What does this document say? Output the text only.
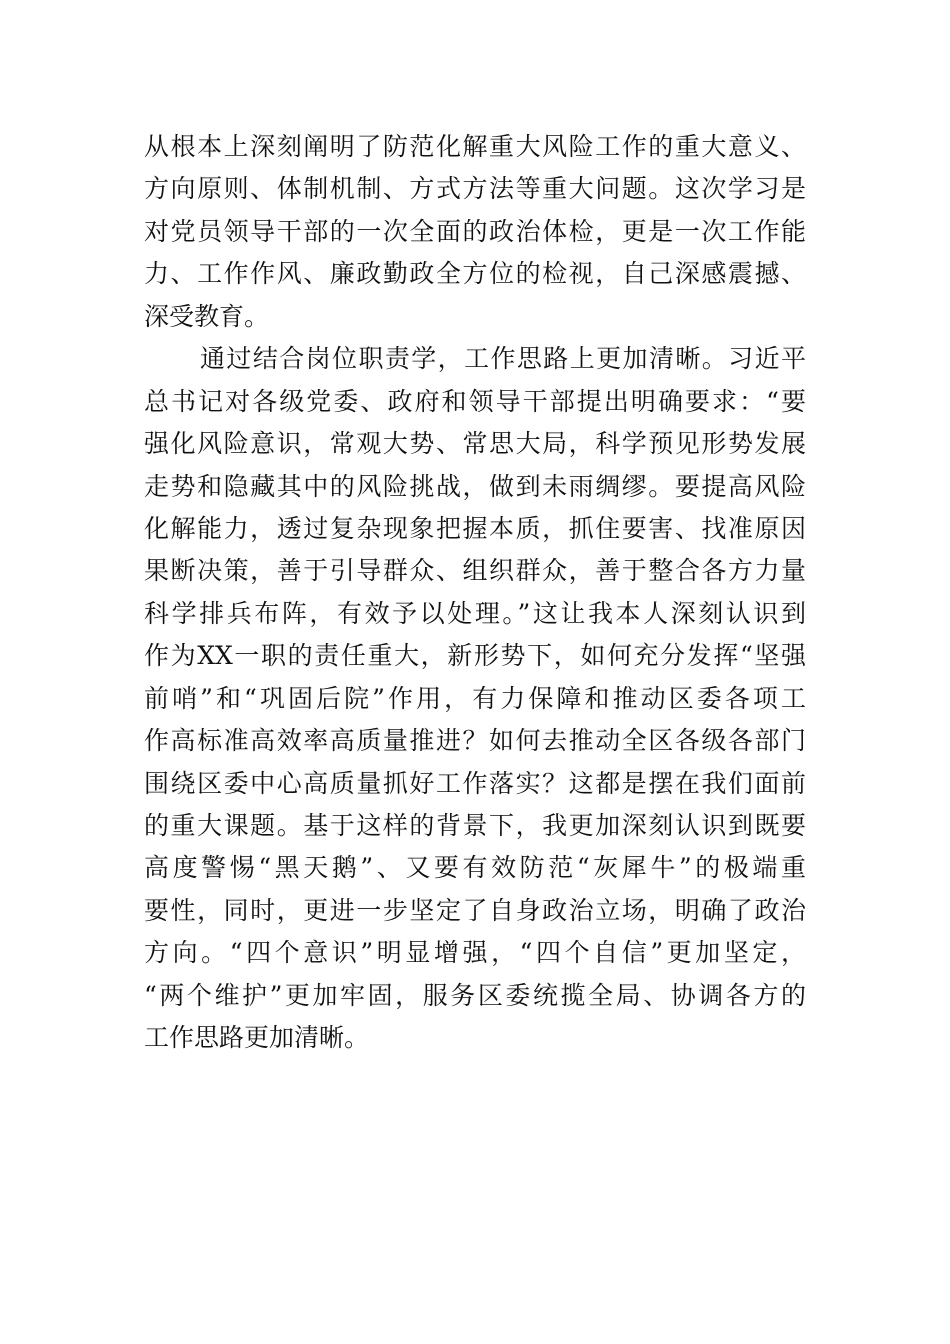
从根本上深刻阐明了防范化解重大风险工作的重大意义、
方向原则、体制机制、方式方法等重大问题。这次学习是
对党员领导干部的一次全面的政治体检，更是一次工作能
力、工作作风、廉政勤政全方位的检视，自己深感震撼、
深受教育。
通过结合岗位职责学，工作思路上更加清晰。习近平
总书记对各级党委、政府和领导干部提出明确要求：“要
强化风险意识，常观大势、常思大局，科学预见形势发展
走势和隐藏其中的风险挑战，做到未雨绸缪。要提高风险
化解能力，透过复杂现象把握本质，抓住要害、找准原因
果断决策，善于引导群众、组织群众，善于整合各方力量
科学排兵布阵，有效予以处理。”这让我本人深刻认识到
作为XX一职的责任重大，新形势下，如何充分发挥“坚强
前哨”和“巩固后院”作用，有力保障和推动区委各项工
作高标准高效率高质量推进？如何去推动全区各级各部门
围绕区委中心高质量抓好工作落实？这都是摆在我们面前
的重大课题。基于这样的背景下，我更加深刻认识到既要
高度警惕“黑天鹅”、又要有效防范“灰犀牛”的极端重
要性，同时，更进一步坚定了自身政治立场，明确了政治
方向。“四个意识”明显增强，“四个自信”更加坚定，
“两个维护”更加牢固，服务区委统揽全局、协调各方的
工作思路更加清晰。
